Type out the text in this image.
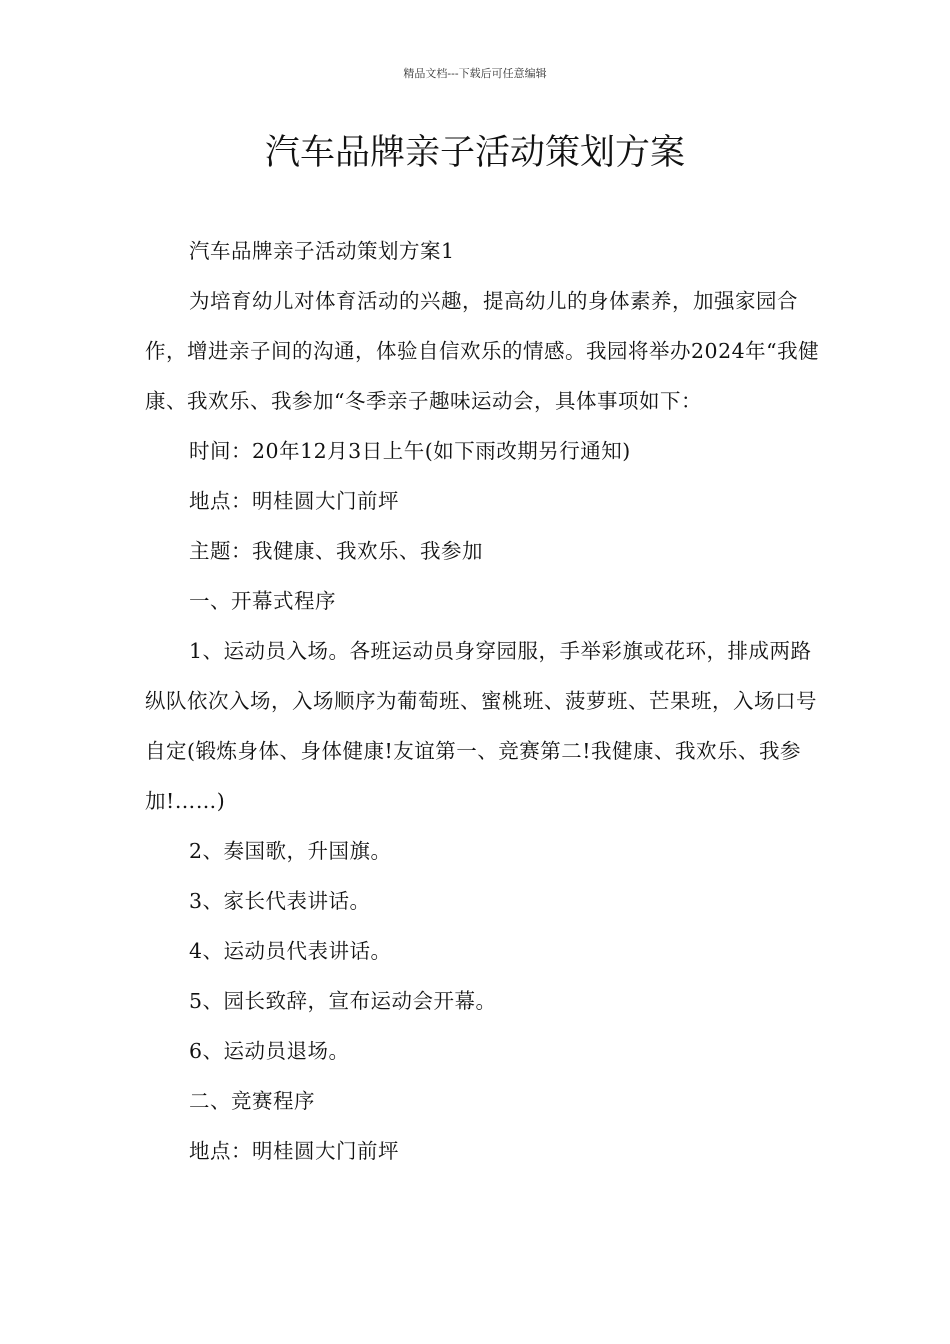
精品文档---下载后可任意编辑
汽车品牌亲子活动策划方案

汽车品牌亲子活动策划方案1

为培育幼儿对体育活动的兴趣，提高幼儿的身体素养，加强家园合作，增进亲子间的沟通，体验自信欢乐的情感。我园将举办2024年“我健康、我欢乐、我参加“冬季亲子趣味运动会，具体事项如下：

时间：20年12月3日上午(如下雨改期另行通知)

地点：明桂圆大门前坪

主题：我健康、我欢乐、我参加

一、开幕式程序

1、运动员入场。各班运动员身穿园服，手举彩旗或花环，排成两路纵队依次入场，入场顺序为葡萄班、蜜桃班、菠萝班、芒果班，入场口号自定(锻炼身体、身体健康!友谊第一、竞赛第二!我健康、我欢乐、我参加!……)

2、奏国歌，升国旗。

3、家长代表讲话。

4、运动员代表讲话。

5、园长致辞，宣布运动会开幕。

6、运动员退场。

二、竞赛程序

地点：明桂圆大门前坪
